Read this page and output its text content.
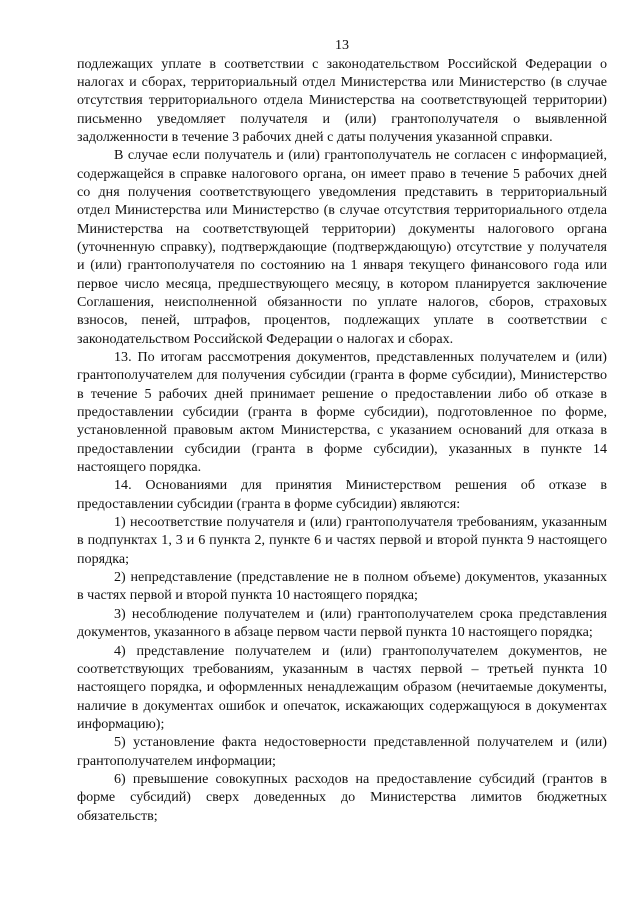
13

подлежащих уплате в соответствии с законодательством Российской Федерации о налогах и сборах, территориальный отдел Министерства или Министерство (в случае отсутствия территориального отдела Министерства на соответствующей территории) письменно уведомляет получателя и (или) грантополучателя о выявленной задолженности в течение 3 рабочих дней с даты получения указанной справки.

В случае если получатель и (или) грантополучатель не согласен с информацией, содержащейся в справке налогового органа, он имеет право в течение 5 рабочих дней со дня получения соответствующего уведомления представить в территориальный отдел Министерства или Министерство (в случае отсутствия территориального отдела Министерства на соответствующей территории) документы налогового органа (уточненную справку), подтверждающие (подтверждающую) отсутствие у получателя и (или) грантополучателя по состоянию на 1 января текущего финансового года или первое число месяца, предшествующего месяцу, в котором планируется заключение Соглашения, неисполненной обязанности по уплате налогов, сборов, страховых взносов, пеней, штрафов, процентов, подлежащих уплате в соответствии с законодательством Российской Федерации о налогах и сборах.

13. По итогам рассмотрения документов, представленных получателем и (или) грантополучателем для получения субсидии (гранта в форме субсидии), Министерство в течение 5 рабочих дней принимает решение о предоставлении либо об отказе в предоставлении субсидии (гранта в форме субсидии), подготовленное по форме, установленной правовым актом Министерства, с указанием оснований для отказа в предоставлении субсидии (гранта в форме субсидии), указанных в пункте 14 настоящего порядка.

14. Основаниями для принятия Министерством решения об отказе в предоставлении субсидии (гранта в форме субсидии) являются:

1) несоответствие получателя и (или) грантополучателя требованиям, указанным в подпунктах 1, 3 и 6 пункта 2, пункте 6 и частях первой и второй пункта 9 настоящего порядка;

2) непредставление (представление не в полном объеме) документов, указанных в частях первой и второй пункта 10 настоящего порядка;

3) несоблюдение получателем и (или) грантополучателем срока представления документов, указанного в абзаце первом части первой пункта 10 настоящего порядка;

4) представление получателем и (или) грантополучателем документов, не соответствующих требованиям, указанным в частях первой – третьей пункта 10 настоящего порядка, и оформленных ненадлежащим образом (нечитаемые документы, наличие в документах ошибок и опечаток, искажающих содержащуюся в документах информацию);

5) установление факта недостоверности представленной получателем и (или) грантополучателем информации;

6) превышение совокупных расходов на предоставление субсидий (грантов в форме субсидий) сверх доведенных до Министерства лимитов бюджетных обязательств;
